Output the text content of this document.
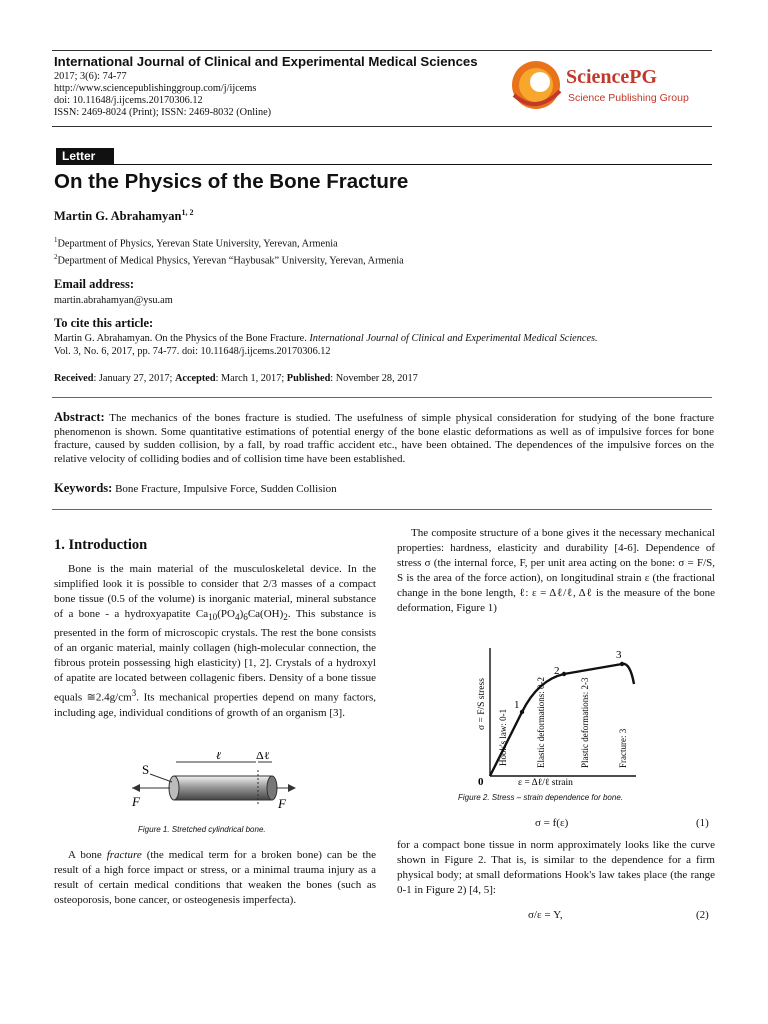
International Journal of Clinical and Experimental Medical Sciences
2017; 3(6): 74-77
http://www.sciencepublishinggroup.com/j/ijcems
doi: 10.11648/j.ijcems.20170306.12
ISSN: 2469-8024 (Print); ISSN: 2469-8032 (Online)
SciencePG
Science Publishing Group
Letter
On the Physics of the Bone Fracture
Martin G. Abrahamyan$^{1, 2}$
$^1$Department of Physics, Yerevan State University, Yerevan, Armenia
$^2$Department of Medical Physics, Yerevan “Haybusak” University, Yerevan, Armenia
Email address:
martin.abrahamyan@ysu.am
To cite this article:
Martin G. Abrahamyan. On the Physics of the Bone Fracture. International Journal of Clinical and Experimental Medical Sciences.
Vol. 3, No. 6, 2017, pp. 74-77. doi: 10.11648/j.ijcems.20170306.12
Received: January 27, 2017; Accepted: March 1, 2017; Published: November 28, 2017
Abstract: The mechanics of the bones fracture is studied. The usefulness of simple physical consideration for studying of the bone fracture phenomenon is shown. Some quantitative estimations of potential energy of the bone elastic deformations as well as of impulsive forces for bone fracture, caused by sudden collision, by a fall, by road traffic accident etc., have been obtained. The dependences of the impulsive forces on the relative velocity of colliding bodies and of collision time have been established.
Keywords: Bone Fracture, Impulsive Force, Sudden Collision
1. Introduction

Bone is the main material of the musculoskeletal device. In the simplified look it is possible to consider that 2/3 masses of a compact bone tissue (0.5 of the volume) is inorganic material, mineral substance of a bone - a hydroxyapatite $Ca_{10}(PO_4)_6Ca(OH)_2$. This substance is presented in the form of microscopic crystals. The rest the bone consists of an organic material, mainly collagen (high-molecular connection, the fibrous protein possessing high elasticity) [1, 2]. Crystals of a hydroxyl of apatite are located between collagenic fibers. Density of a bone tissue equals $≅2.4g/cm^3$. Its mechanical properties depend on many factors, including age, individual conditions of growth of an organism [3].

S
ℓ	Δℓ
F	F
Figure 1. Stretched cylindrical bone.

A bone fracture (the medical term for a broken bone) can be the result of a high force impact or stress, or a minimal trauma injury as a result of certain medical conditions that weaken the bones (such as osteoporosis, bone cancer, or osteogenesis imperfecta).

The composite structure of a bone gives it the necessary mechanical properties: hardness, elasticity and durability [4-6]. Dependence of stress σ (the internal force, F, per unit area acting on the bone: σ = F/S, S is the area of the force action), on longitudinal strain ε (the fractional change in the bone length, ℓ: ε = Δℓ/ℓ, Δℓ is the measure of the bone deformation, Figure 1)

1
2
3
0
σ = F/S stress
ε = Δℓ/ℓ strain
Hook's law: 0-1	Elastic deformations: 0-2	Plastic deformations: 2-3	Fracture: 3
Figure 2. Stress – strain dependence for bone.
σ = f(ε)	(1)
for a compact bone tissue in norm approximately looks like the curve shown in Figure 2. That is, is similar to the dependence for a firm physical body; at small deformations Hook's law takes place (the range 0-1 in Figure 2) [4, 5]:
σ/ε = Y,	(2)
